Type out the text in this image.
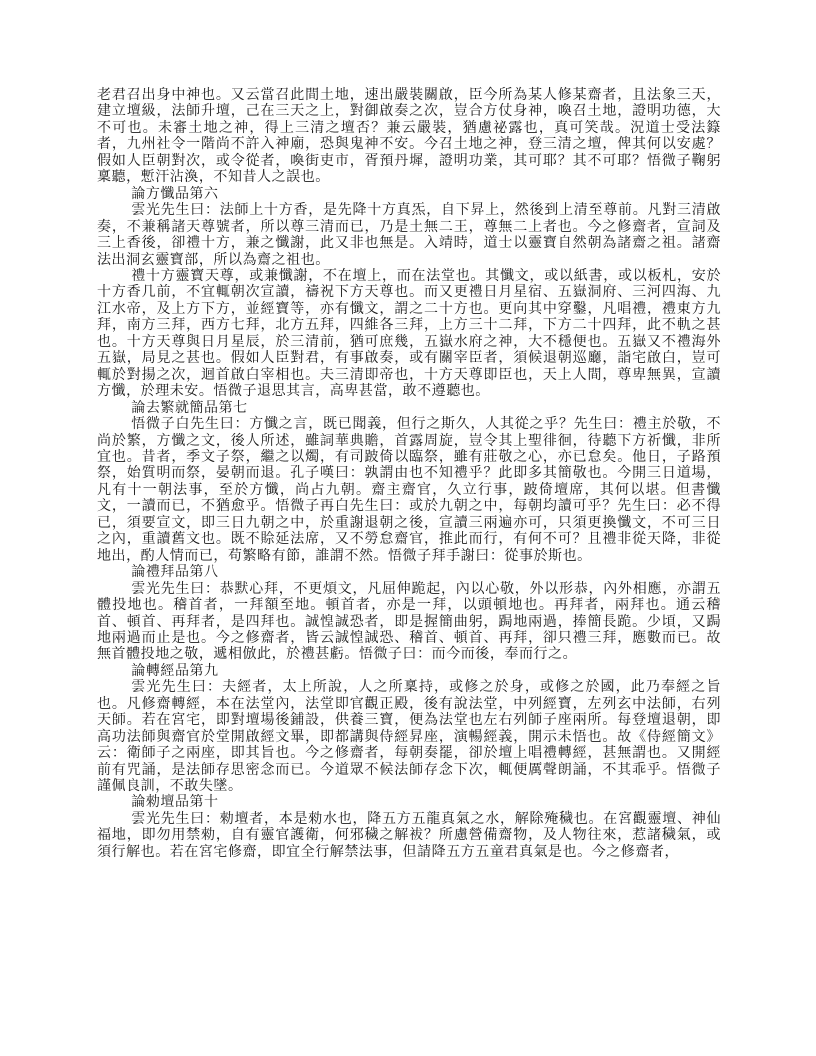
老君召出身中神也。又云當召此間土地，速出嚴裝關啟，臣今所為某人修某齋者，且法象三天，建立壇級，法師升壇，己在三天之上，對御啟奏之次，豈合方仗身神，喚召土地，證明功德，大不可也。未審土地之神，得上三清之壇否？兼云嚴裝，猶慮祕露也，真可笑哉。況道士受法籙者，九州社令一階尚不許入神廟，恐與鬼神不安。今召土地之神，登三清之壇，俾其何以安處？假如人臣朝對次，或令從者，喚街吏市，胥預丹墀，證明功業，其可耶？其不可耶？悟微子鞠躬稟聽，慙汗沾渙，不知昔人之誤也。

論方懺品第六

雲光先生曰：法師上十方香，是先降十方真炁，自下昇上，然後到上清至尊前。凡對三清啟奏，不兼稱諸天尊號者，所以尊三清而已，乃是土無二王，尊無二上者也。今之修齋者，宣詞及三上香後，卻禮十方，兼之懺謝，此又非也無是。入靖時，道士以靈寶自然朝為諸齋之祖。諸齋法出洞玄靈寶部，所以為齋之祖也。

禮十方靈寶天尊，或兼懺謝，不在壇上，而在法堂也。其懺文，或以紙書，或以板札，安於十方香几前，不宜輒朝次宣讀，禱祝下方天尊也。而又更禮日月星宿、五嶽洞府、三河四海、九江水帝，及上方下方，並經寶等，亦有懺文，謂之二十方也。更向其中穿鑿，凡唱禮，禮東方九拜，南方三拜，西方七拜，北方五拜，四維各三拜，上方三十二拜，下方二十四拜，此不軌之甚也。十方天尊與日月星辰，於三清前，猶可庶幾，五嶽水府之神，大不穩便也。五嶽又不禮海外五嶽，局見之甚也。假如人臣對君，有事啟奏，或有關宰臣者，須候退朝巡廳，詣宅啟白，豈可輒於對揚之次，迴首啟白宰相也。夫三清即帝也，十方天尊即臣也，天上人間，尊卑無異，宣讀方懺，於理未安。悟微子退思其言，高卑甚當，敢不遵聽也。

論去繁就簡品第七

悟微子白先生曰：方懺之言，既已聞義，但行之斯久，人其從之乎？先生曰：禮主於敬，不尚於繁，方懺之文，後人所述，雖詞華典贍，首露周旋，豈令其上聖徘徊，待聽下方祈懺，非所宜也。昔者，季文子祭，繼之以燭，有司跛倚以臨祭，雖有莊敬之心，亦已怠矣。他日，子路預祭，始質明而祭，晏朝而退。孔子嘆曰：孰謂由也不知禮乎？此即多其簡敬也。今開三日道場，凡有十一朝法事，至於方懺，尚占九朝。齋主齋官，久立行事，跛倚壇席，其何以堪。但書懺文，一讀而已，不猶愈乎。悟微子再白先生曰：或於九朝之中，每朝均讀可乎？先生曰：必不得已，須要宣文，即三日九朝之中，於重謝退朝之後，宣讀三兩遍亦可，只須更換懺文，不可三日之內，重讀舊文也。既不賒延法席，又不勞怠齋官，推此而行，有何不可？且禮非從天降，非從地出，酌人情而已，苟繁略有節，誰謂不然。悟微子拜手謝曰：從事於斯也。

論禮拜品第八

雲光先生曰：恭默心拜，不更煩文，凡屈伸跪起，內以心敬，外以形恭，內外相應，亦謂五體投地也。稽首者，一拜額至地。頓首者，亦是一拜，以頭頓地也。再拜者，兩拜也。通云稽首、頓首、再拜者，是四拜也。誠惶誠恐者，即是握簡曲躬，跼地兩過，捧簡長跪。少頃，又跼地兩過而止是也。今之修齋者，皆云誠惶誠恐、稽首、頓首、再拜，卻只禮三拜，應數而已。故無首體投地之敬，遞相倣此，於禮甚虧。悟微子曰：而今而後，奉而行之。

論轉經品第九

雲光先生曰：夫經者，太上所說，人之所稟持，或修之於身，或修之於國，此乃奉經之旨也。凡修齋轉經，本在法堂內，法堂即官觀正殿，後有說法堂，中列經寶，左列玄中法師，右列天師。若在宮宅，即對壇場後鋪設，供養三寶，便為法堂也左右列師子座兩所。每登壇退朝，即高功法師與齋官於堂開啟經文畢，即都講與侍經昇座，演暢經義，開示未悟也。故《侍經簡文》云：衛師子之兩座，即其旨也。今之修齋者，每朝奏罷，卻於壇上唱禮轉經，甚無謂也。又開經前有咒誦，是法師存思密念而已。今道眾不候法師存念下次，輒便厲聲朗誦，不其乖乎。悟微子謹佩良訓，不敢失墜。

論勑壇品第十

雲光先生曰：勑壇者，本是勑水也，降五方五龍真氣之水，解除殗穢也。在宮觀靈壇、神仙福地，即勿用禁勑，自有靈官護衛，何邪穢之解袚？所慮營備齋物，及人物往來，惹諸穢氣，或須行解也。若在宮宅修齋，即宜全行解禁法事，但請降五方五童君真氣是也。今之修齋者，
